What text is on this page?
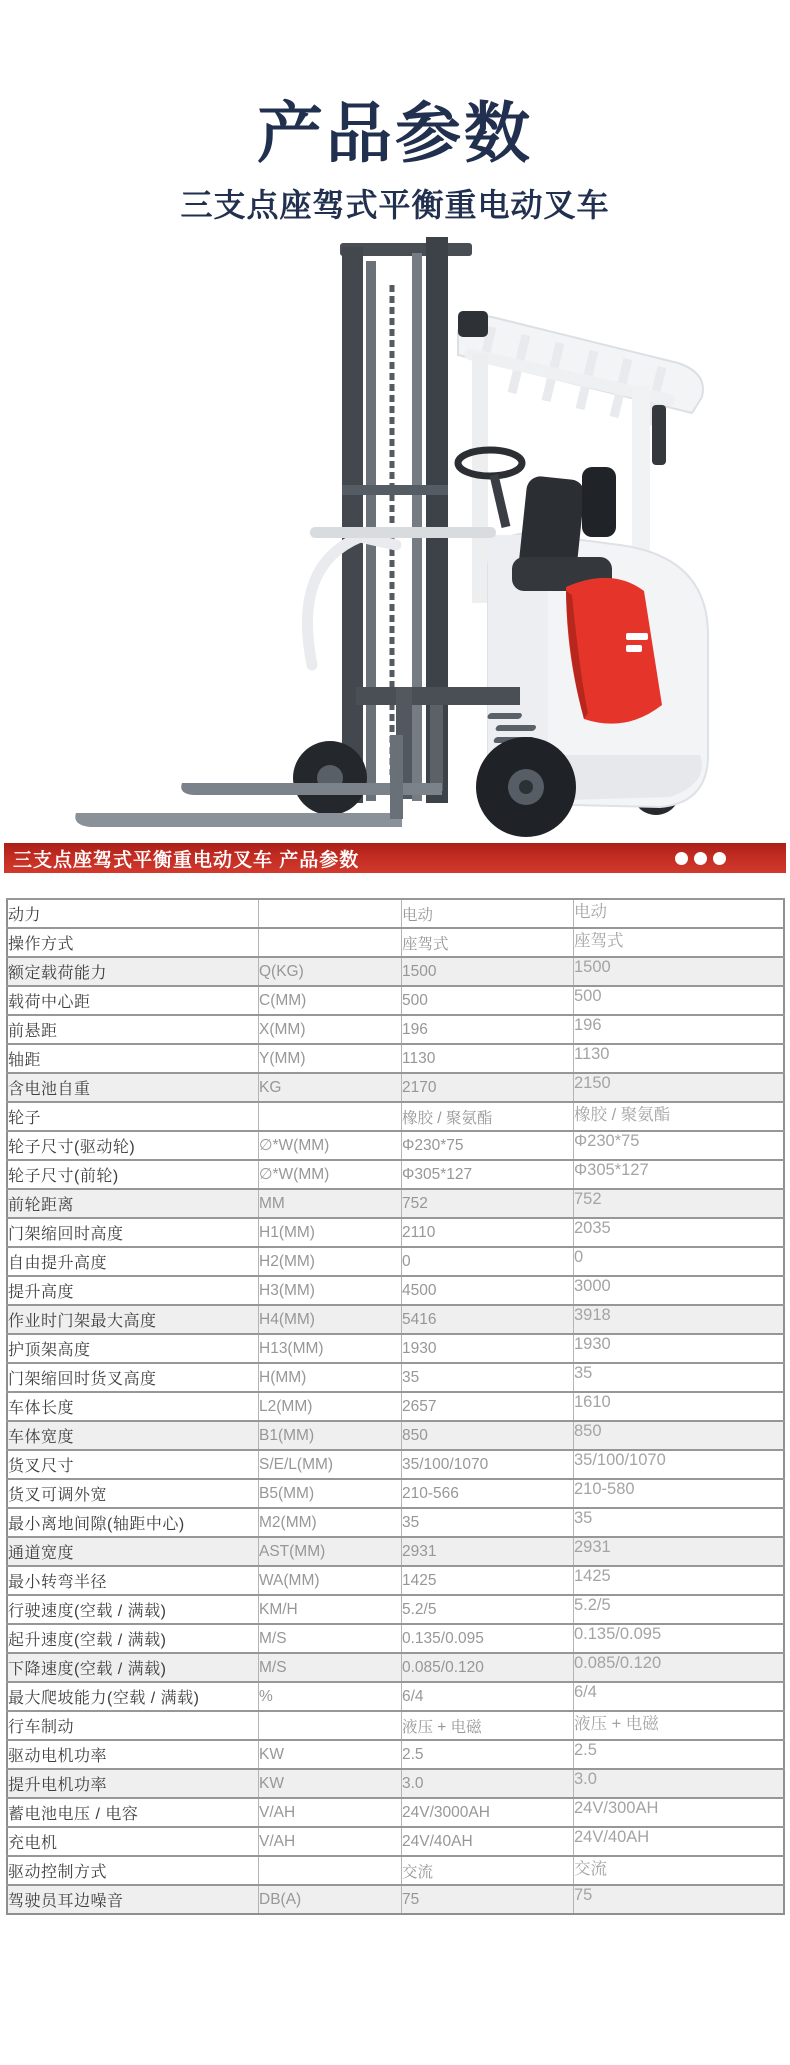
产品参数
三支点座驾式平衡重电动叉车
三支点座驾式平衡重电动叉车 产品参数
动力		电动	电动
操作方式		座驾式	座驾式
额定载荷能力	Q(KG)	1500	1500
载荷中心距	C(MM)	500	500
前悬距	X(MM)	196	196
轴距	Y(MM)	1130	1130
含电池自重	KG	2170	2150
轮子		橡胶 / 聚氨酯	橡胶 / 聚氨酯
轮子尺寸(驱动轮)	∅*W(MM)	Φ230*75	Φ230*75
轮子尺寸(前轮)	∅*W(MM)	Φ305*127	Φ305*127
前轮距离	MM	752	752
门架缩回时高度	H1(MM)	2110	2035
自由提升高度	H2(MM)	0	0
提升高度	H3(MM)	4500	3000
作业时门架最大高度	H4(MM)	5416	3918
护顶架高度	H13(MM)	1930	1930
门架缩回时货叉高度	H(MM)	35	35
车体长度	L2(MM)	2657	1610
车体宽度	B1(MM)	850	850
货叉尺寸	S/E/L(MM)	35/100/1070	35/100/1070
货叉可调外宽	B5(MM)	210-566	210-580
最小离地间隙(轴距中心)	M2(MM)	35	35
通道宽度	AST(MM)	2931	2931
最小转弯半径	WA(MM)	1425	1425
行驶速度(空载 / 满载)	KM/H	5.2/5	5.2/5
起升速度(空载 / 满载)	M/S	0.135/0.095	0.135/0.095
下降速度(空载 / 满载)	M/S	0.085/0.120	0.085/0.120
最大爬坡能力(空载 / 满载)	%	6/4	6/4
行车制动		液压 + 电磁	液压 + 电磁
驱动电机功率	KW	2.5	2.5
提升电机功率	KW	3.0	3.0
蓄电池电压 / 电容	V/AH	24V/3000AH	24V/300AH
充电机	V/AH	24V/40AH	24V/40AH
驱动控制方式		交流	交流
驾驶员耳边噪音	DB(A)	75	75
